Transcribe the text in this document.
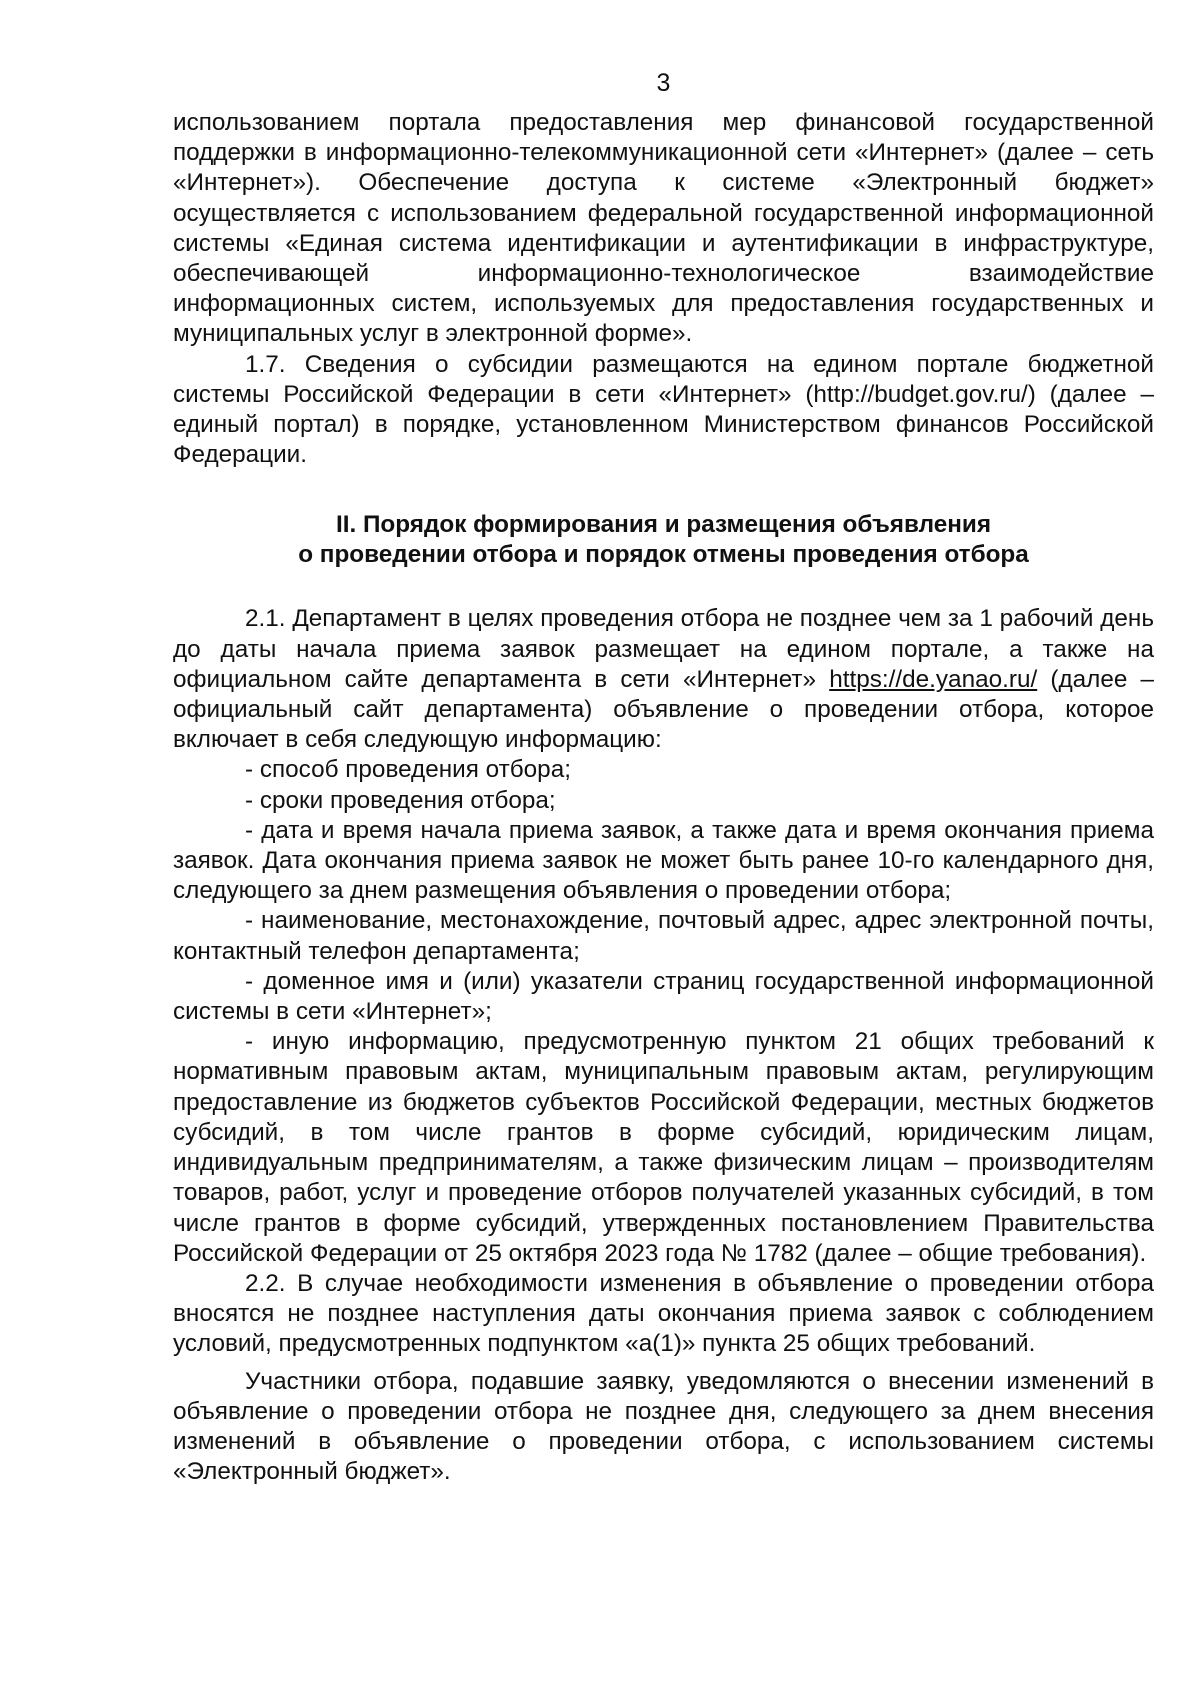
3

использованием портала предоставления мер финансовой государственной поддержки в информационно-телекоммуникационной сети «Интернет» (далее – сеть «Интернет»). Обеспечение доступа к системе «Электронный бюджет» осуществляется с использованием федеральной государственной информационной системы «Единая система идентификации и аутентификации в инфраструктуре, обеспечивающей информационно-технологическое взаимодействие информационных систем, используемых для предоставления государственных и муниципальных услуг в электронной форме».

1.7. Сведения о субсидии размещаются на едином портале бюджетной системы Российской Федерации в сети «Интернет» (http://budget.gov.ru/) (далее – единый портал) в порядке, установленном Министерством финансов Российской Федерации.

II. Порядок формирования и размещения объявления
о проведении отбора и порядок отмены проведения отбора

2.1. Департамент в целях проведения отбора не позднее чем за 1 рабочий день до даты начала приема заявок размещает на едином портале, а также на официальном сайте департамента в сети «Интернет» https://de.yanao.ru/ (далее – официальный сайт департамента) объявление о проведении отбора, которое включает в себя следующую информацию:

- способ проведения отбора;

- сроки проведения отбора;

- дата и время начала приема заявок, а также дата и время окончания приема заявок. Дата окончания приема заявок не может быть ранее 10-го календарного дня, следующего за днем размещения объявления о проведении отбора;

- наименование, местонахождение, почтовый адрес, адрес электронной почты, контактный телефон департамента;

- доменное имя и (или) указатели страниц государственной информационной системы в сети «Интернет»;

- иную информацию, предусмотренную пунктом 21 общих требований к нормативным правовым актам, муниципальным правовым актам, регулирующим предоставление из бюджетов субъектов Российской Федерации, местных бюджетов субсидий, в том числе грантов в форме субсидий, юридическим лицам, индивидуальным предпринимателям, а также физическим лицам – производителям товаров, работ, услуг и проведение отборов получателей указанных субсидий, в том числе грантов в форме субсидий, утвержденных постановлением Правительства Российской Федерации от 25 октября 2023 года № 1782 (далее – общие требования).

2.2. В случае необходимости изменения в объявление о проведении отбора вносятся не позднее наступления даты окончания приема заявок с соблюдением условий, предусмотренных подпунктом «а(1)» пункта 25 общих требований.

Участники отбора, подавшие заявку, уведомляются о внесении изменений в объявление о проведении отбора не позднее дня, следующего за днем внесения изменений в объявление о проведении отбора, с использованием системы «Электронный бюджет».
